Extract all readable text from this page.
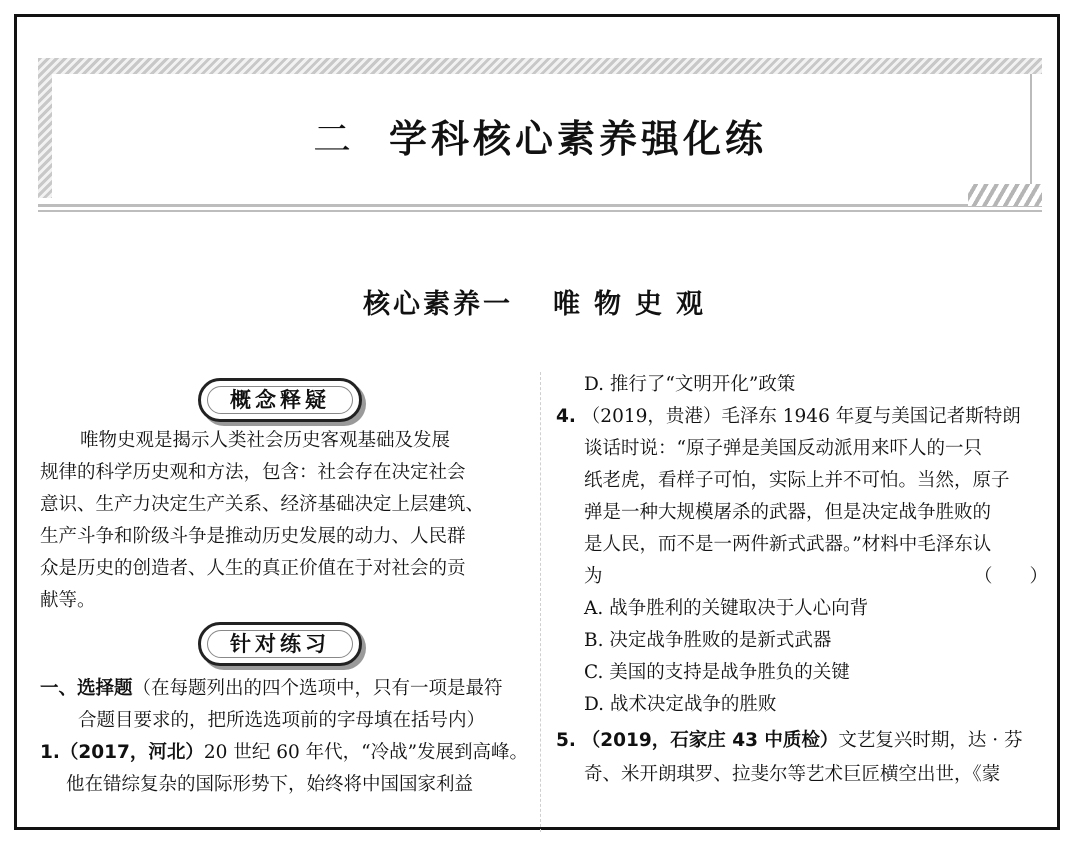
二 学科核心素养强化练
核心素养一 唯物史观
概念释疑
唯物史观是揭示人类社会历史客观基础及发展
规律的科学历史观和方法，包含：社会存在决定社会
意识、生产力决定生产关系、经济基础决定上层建筑、
生产斗争和阶级斗争是推动历史发展的动力、人民群
众是历史的创造者、人生的真正价值在于对社会的贡
献等。
针对练习
一、选择题（在每题列出的四个选项中，只有一项是最符
合题目要求的，把所选选项前的字母填在括号内）
1.（2017，河北）20 世纪 60 年代，“冷战”发展到高峰。
他在错综复杂的国际形势下，始终将中国国家利益
D. 推行了“文明开化”政策
4. （2019，贵港）毛泽东 1946 年夏与美国记者斯特朗
谈话时说：“原子弹是美国反动派用来吓人的一只
纸老虎，看样子可怕，实际上并不可怕。当然，原子
弹是一种大规模屠杀的武器，但是决定战争胜败的
是人民，而不是一两件新式武器。”材料中毛泽东认
为	（　　）
A. 战争胜利的关键取决于人心向背
B. 决定战争胜败的是新式武器
C. 美国的支持是战争胜负的关键
D. 战术决定战争的胜败
5. （2019，石家庄 43 中质检）文艺复兴时期，达 · 芬
奇、米开朗琪罗、拉斐尔等艺术巨匠横空出世，《蒙
